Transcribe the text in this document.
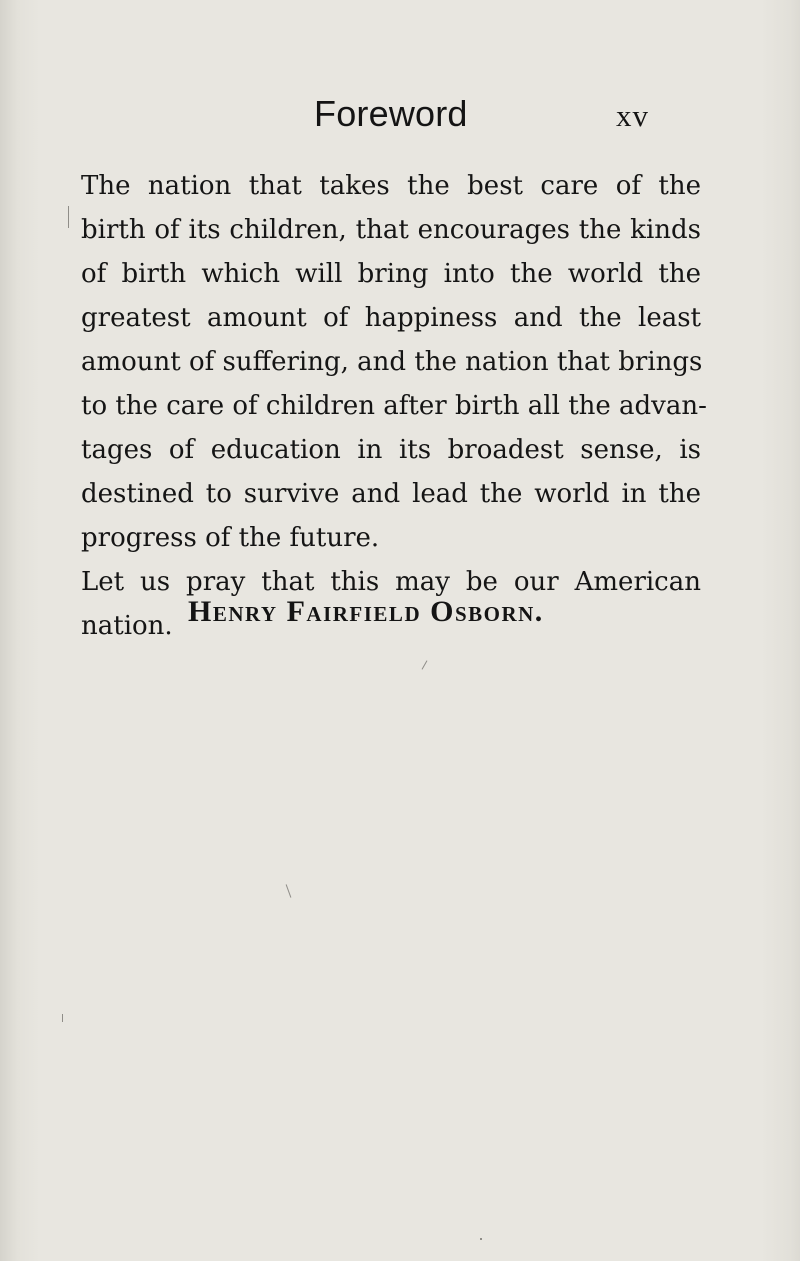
Foreword	xv
The nation that takes the best care of the
birth of its children, that encourages the kinds
of birth which will bring into the world the
greatest amount of happiness and the least
amount of suffering, and the nation that brings
to the care of children after birth all the advan-
tages of education in its broadest sense, is
destined to survive and lead the world in the
progress of the future.
Let us pray that this may be our American
nation. Henry Fairfield Osborn.
